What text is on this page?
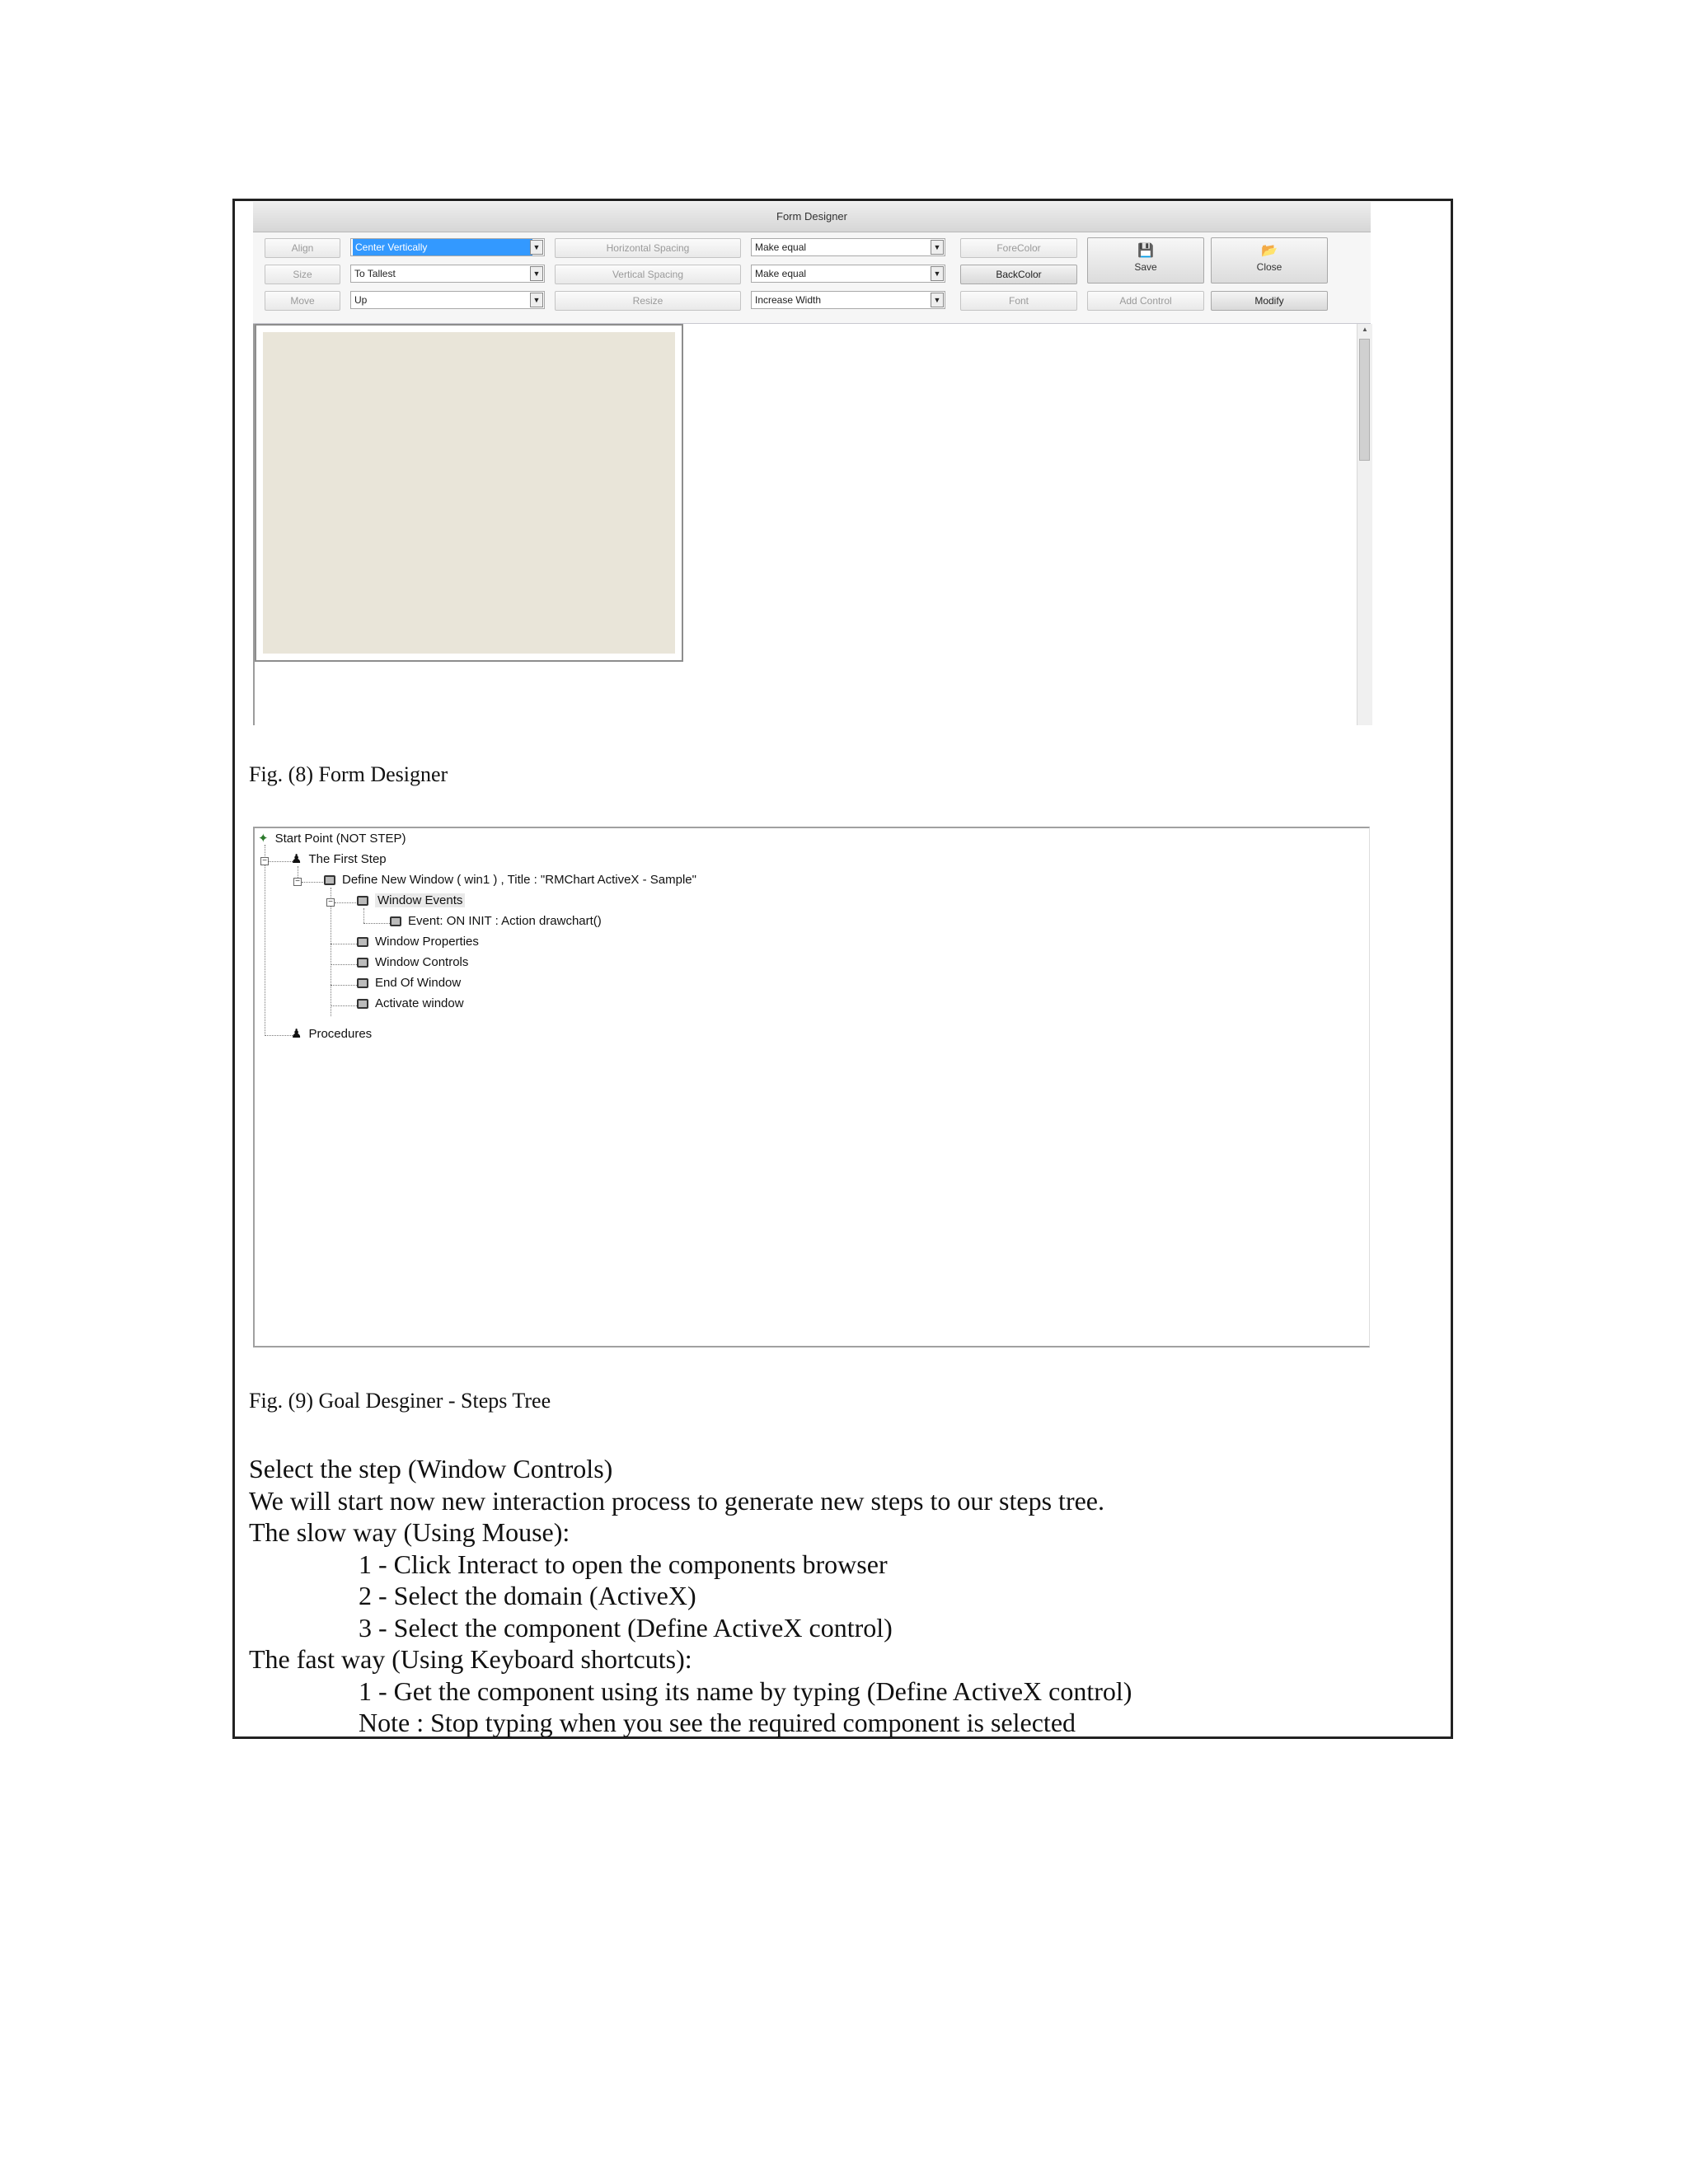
Form Designer
Align	Center Vertically	▼	Horizontal Spacing	Make equal	▼	ForeColor
Size	To Tallest	▼	Vertical Spacing	Make equal	▼	BackColor
Move	Up	▼	Resize	Increase Width	▼	Font	Add Control	Modify
💾
Save
📂
Close
▲
Fig. (8) Form Designer
−
−
−
✦ Start Point (NOT STEP)
♟ The First Step
Define New Window ( win1 ) , Title : "RMChart ActiveX - Sample"
Window Events
Event: ON INIT : Action drawchart()
Window Properties
Window Controls
End Of Window
Activate window
♟ Procedures
Fig. (9) Goal Desginer - Steps Tree
Select the step (Window Controls)
We will start now new interaction process to generate new steps to our steps tree.
The slow way (Using Mouse):
1 - Click Interact to open the components browser
2 - Select the domain (ActiveX)
3 - Select the component (Define ActiveX control)
The fast way (Using Keyboard shortcuts):
1 - Get the component using its name by typing (Define ActiveX control)
Note : Stop typing when you see the required component is selected
